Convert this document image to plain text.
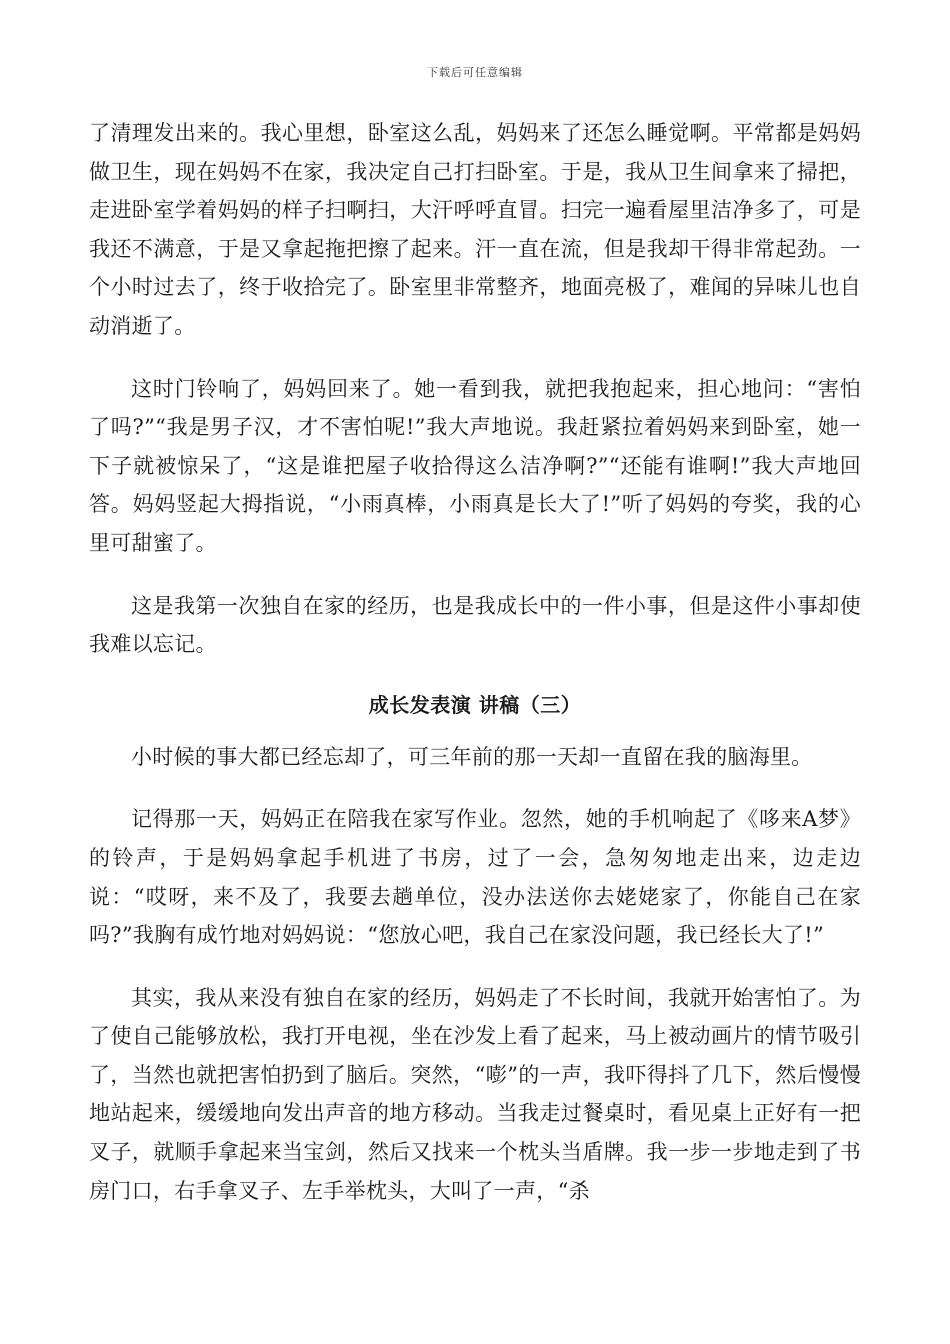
下载后可任意编辑

了清理发出来的。我心里想，卧室这么乱，妈妈来了还怎么睡觉啊。平常都是妈妈做卫生，现在妈妈不在家，我决定自己打扫卧室。于是，我从卫生间拿来了掃把，走进卧室学着妈妈的样子扫啊扫，大汗呼呼直冒。扫完一遍看屋里洁净多了，可是我还不满意，于是又拿起拖把擦了起来。汗一直在流，但是我却干得非常起劲。一个小时过去了，终于收拾完了。卧室里非常整齐，地面亮极了，难闻的异味儿也自动消逝了。

这时门铃响了，妈妈回来了。她一看到我，就把我抱起来，担心地问：“害怕了吗?”“我是男子汉，才不害怕呢!”我大声地说。我赶紧拉着妈妈来到卧室，她一下子就被惊呆了，“这是谁把屋子收拾得这么洁净啊?”“还能有谁啊!”我大声地回答。妈妈竖起大拇指说，“小雨真棒，小雨真是长大了!”听了妈妈的夸奖，我的心里可甜蜜了。

这是我第一次独自在家的经历，也是我成长中的一件小事，但是这件小事却使我难以忘记。

成长发表演 讲稿（三）

小时候的事大都已经忘却了，可三年前的那一天却一直留在我的脑海里。

记得那一天，妈妈正在陪我在家写作业。忽然，她的手机响起了《哆来A梦》的铃声，于是妈妈拿起手机进了书房，过了一会，急匆匆地走出来，边走边说：“哎呀，来不及了，我要去趟单位，没办法送你去姥姥家了，你能自己在家吗?”我胸有成竹地对妈妈说：“您放心吧，我自己在家没问题，我已经长大了!”

其实，我从来没有独自在家的经历，妈妈走了不长时间，我就开始害怕了。为了使自己能够放松，我打开电视，坐在沙发上看了起来，马上被动画片的情节吸引了，当然也就把害怕扔到了脑后。突然，“嘭”的一声，我吓得抖了几下，然后慢慢地站起来，缓缓地向发出声音的地方移动。当我走过餐桌时，看见桌上正好有一把叉子，就顺手拿起来当宝剑，然后又找来一个枕头当盾牌。我一步一步地走到了书房门口，右手拿叉子、左手举枕头，大叫了一声，“杀
